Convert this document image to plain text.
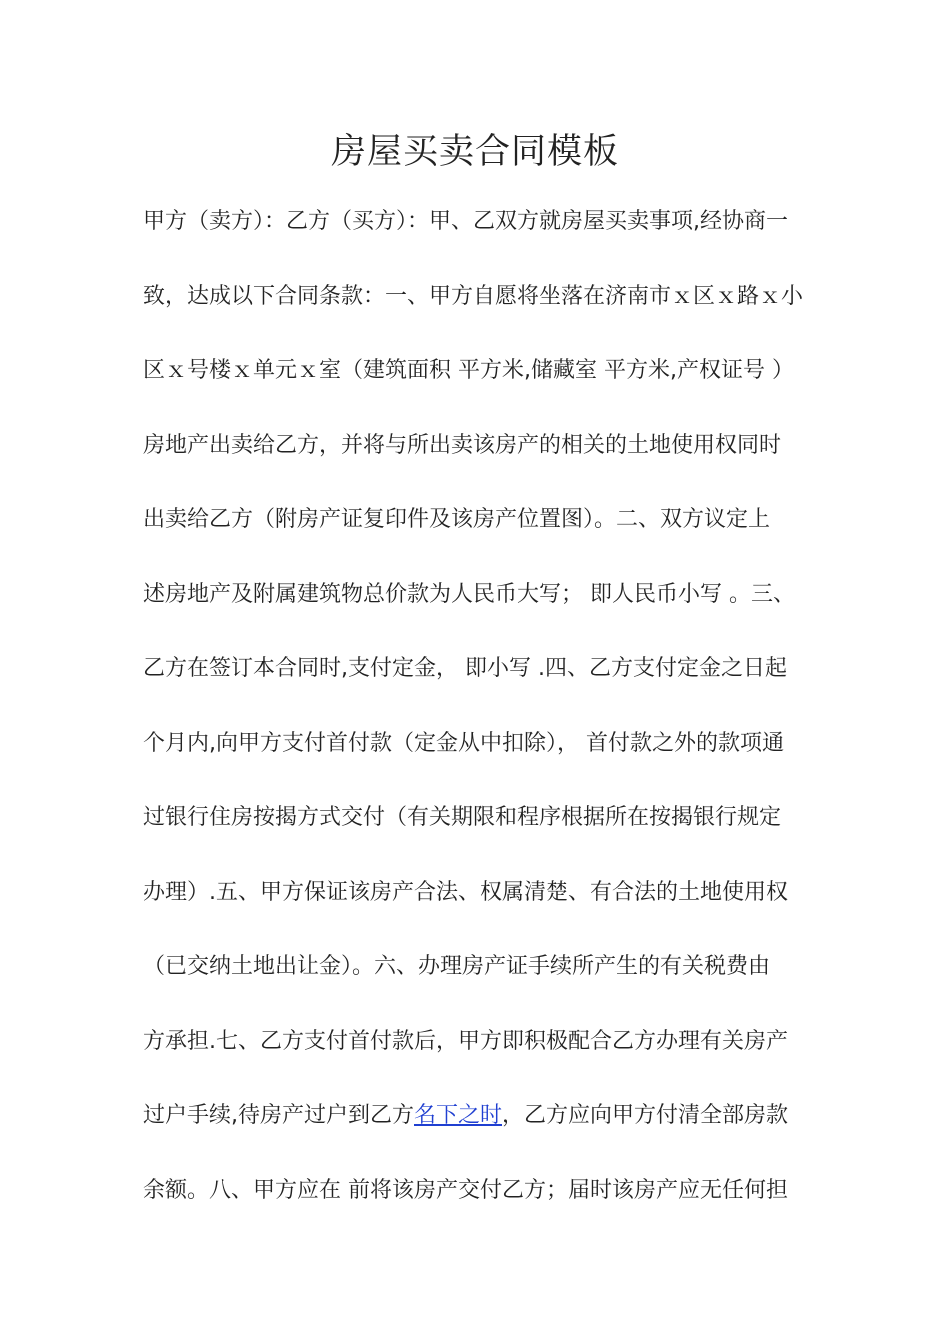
房屋买卖合同模板
甲方（卖方）：乙方（买方）：甲、乙双方就房屋买卖事项,经协商一
致，达成以下合同条款：一、甲方自愿将坐落在济南市ｘ区ｘ路ｘ小
区ｘ号楼ｘ单元ｘ室（建筑面积 平方米,储藏室 平方米,产权证号 ）
房地产出卖给乙方，并将与所出卖该房产的相关的土地使用权同时
出卖给乙方（附房产证复印件及该房产位置图）。二、双方议定上
述房地产及附属建筑物总价款为人民币大写； 即人民币小写 。三、
乙方在签订本合同时,支付定金， 即小写 .四、乙方支付定金之日起
个月内,向甲方支付首付款（定金从中扣除）， 首付款之外的款项通
过银行住房按揭方式交付（有关期限和程序根据所在按揭银行规定
办理）.五、甲方保证该房产合法、权属清楚、有合法的土地使用权
（已交纳土地出让金）。六、办理房产证手续所产生的有关税费由
方承担.七、乙方支付首付款后，甲方即积极配合乙方办理有关房产
过户手续,待房产过户到乙方名下之时，乙方应向甲方付清全部房款
余额。八、甲方应在 前将该房产交付乙方；届时该房产应无任何担
